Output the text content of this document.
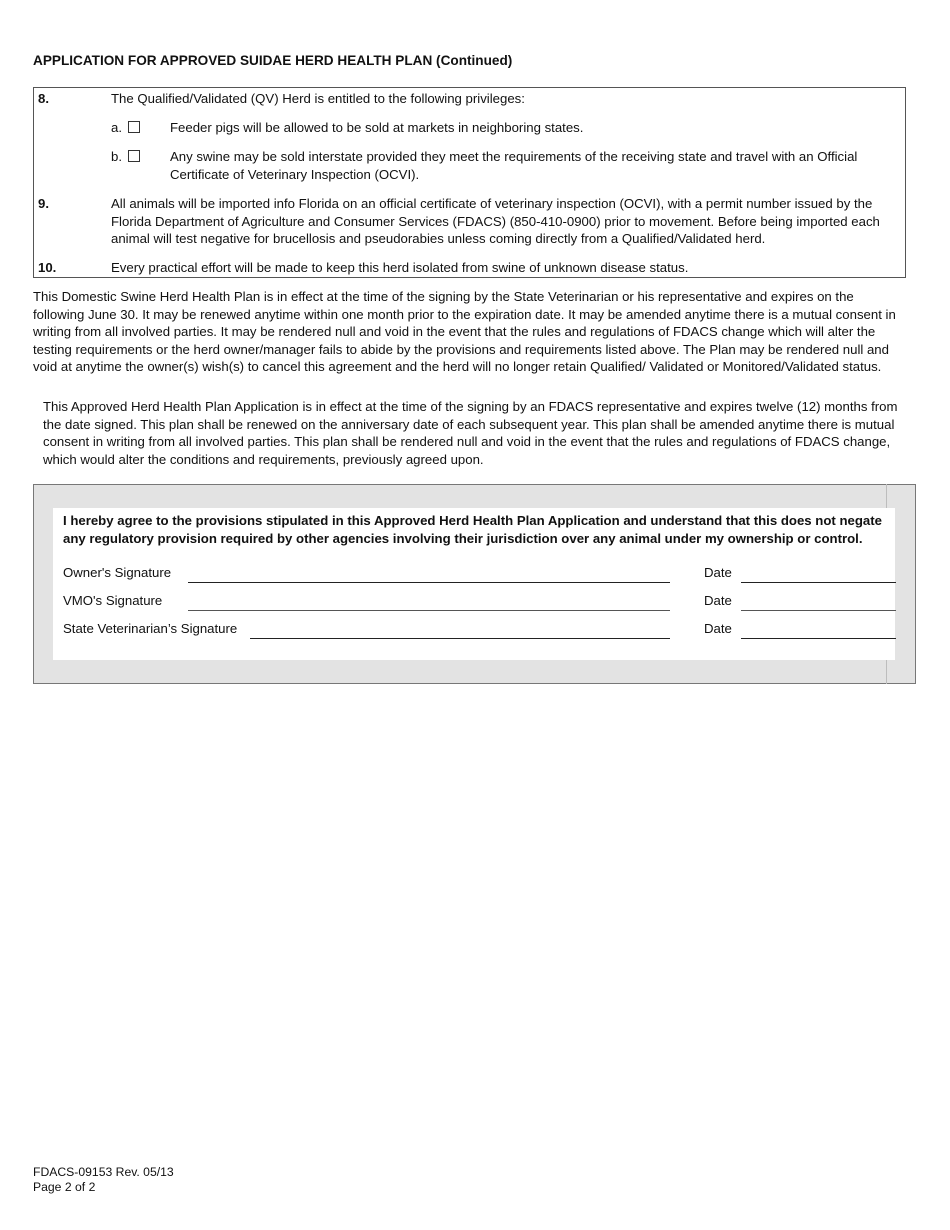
APPLICATION FOR APPROVED SUIDAE HERD HEALTH PLAN (Continued)
8.	The Qualified/Validated (QV) Herd is entitled to the following privileges:
a.	Feeder pigs will be allowed to be sold at markets in neighboring states.
b.	Any swine may be sold interstate provided they meet the requirements of the receiving state and travel with an Official Certificate of Veterinary Inspection (OCVI).
9.	All animals will be imported info Florida on an official certificate of veterinary inspection (OCVI), with a permit number issued by the Florida Department of Agriculture and Consumer Services (FDACS) (850-410-0900) prior to movement. Before being imported each animal will test negative for brucellosis and pseudorabies unless coming directly from a Qualified/Validated herd.
10.	Every practical effort will be made to keep this herd isolated from swine of unknown disease status.
This Domestic Swine Herd Health Plan is in effect at the time of the signing by the State Veterinarian or his representative and expires on the following June 30. It may be renewed anytime within one month prior to the expiration date. It may be amended anytime there is a mutual consent in writing from all involved parties. It may be rendered null and void in the event that the rules and regulations of FDACS change which will alter the testing requirements or the herd owner/manager fails to abide by the provisions and requirements listed above. The Plan may be rendered null and void at anytime the owner(s) wish(s) to cancel this agreement and the herd will no longer retain Qualified/ Validated or Monitored/Validated status.
This Approved Herd Health Plan Application is in effect at the time of the signing by an FDACS representative and expires twelve (12) months from the date signed. This plan shall be renewed on the anniversary date of each subsequent year. This plan shall be amended anytime there is mutual consent in writing from all involved parties. This plan shall be rendered null and void in the event that the rules and regulations of FDACS change, which would alter the conditions and requirements, previously agreed upon.
I hereby agree to the provisions stipulated in this Approved Herd Health Plan Application and understand that this does not negate any regulatory provision required by other agencies involving their jurisdiction over any animal under my ownership or control.
Owner's Signature	Date
VMO's Signature	Date
State Veterinarian’s Signature	Date
FDACS-09153 Rev. 05/13
Page 2 of 2
